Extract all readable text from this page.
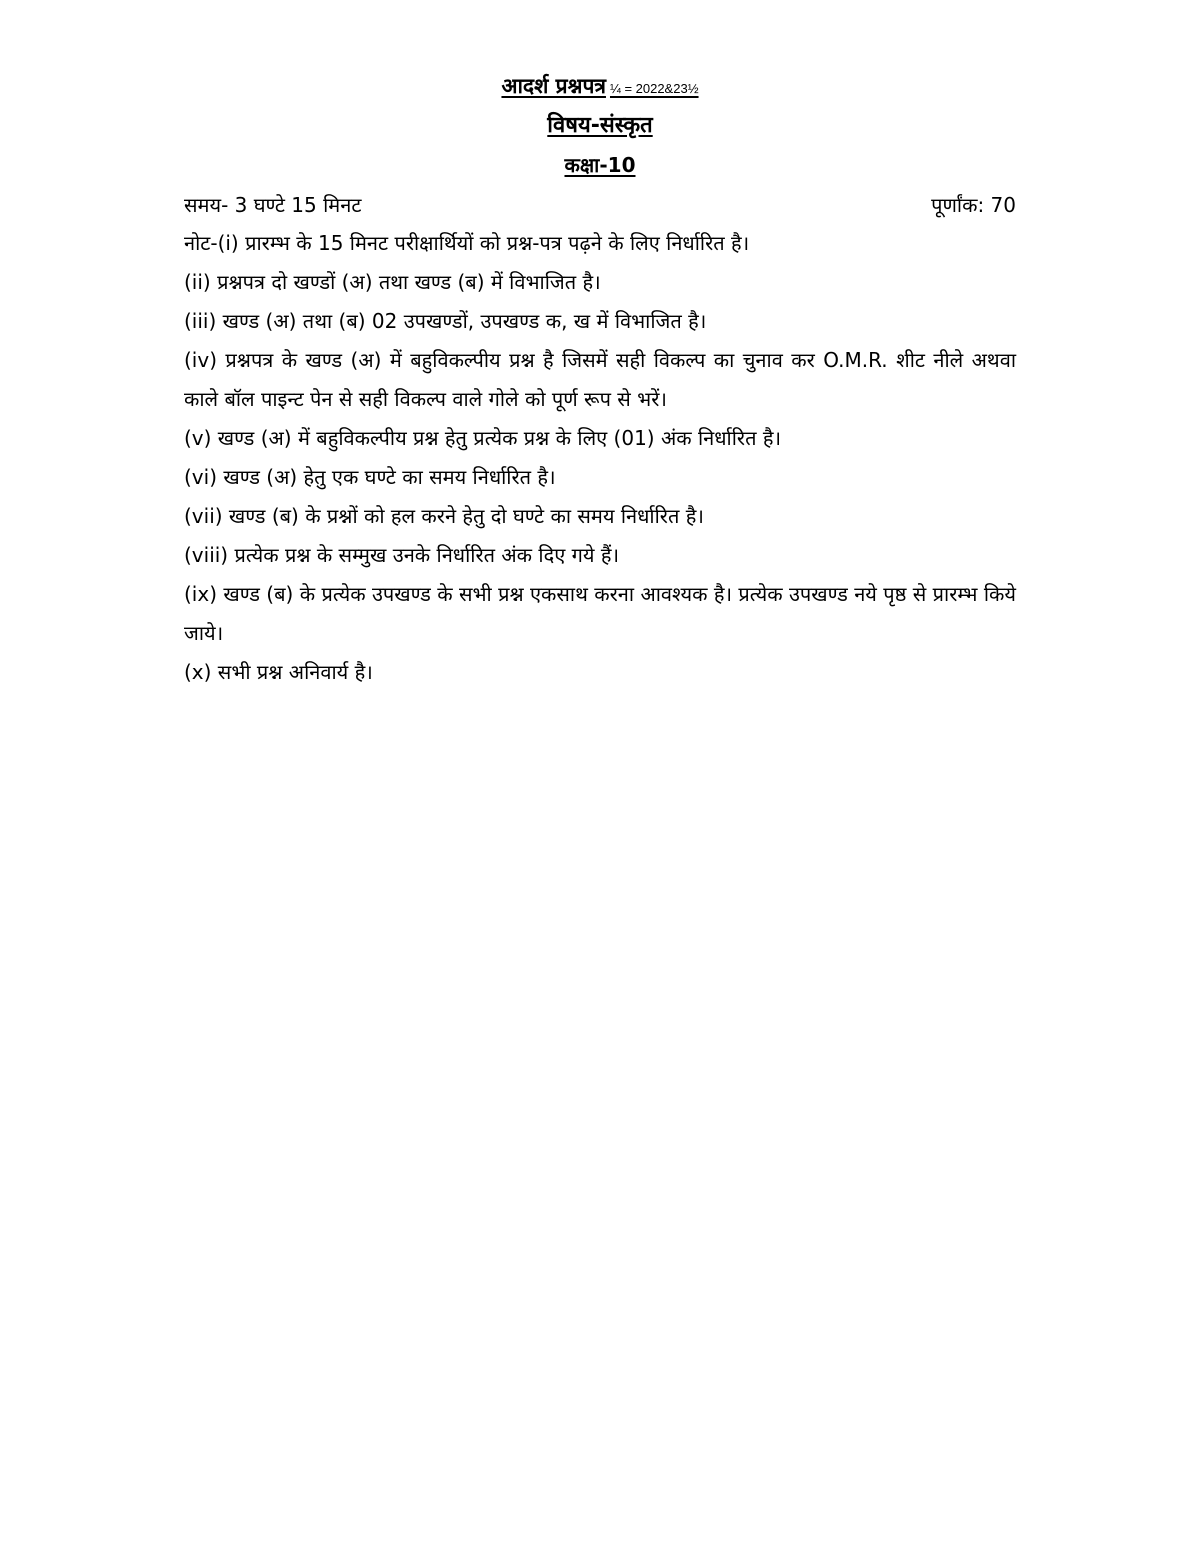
आदर्श प्रश्नपत्र ¼ = 2022&23½
विषय-संस्कृत
कक्षा-10
समय- 3 घण्टे 15 मिनट	पूर्णांक: 70
नोट-(i) प्रारम्भ के 15 मिनट परीक्षार्थियों को प्रश्न-पत्र पढ़ने के लिए निर्धारित है।
(ii) प्रश्नपत्र दो खण्डों (अ) तथा खण्ड (ब) में विभाजित है।
(iii) खण्ड (अ) तथा (ब) 02 उपखण्डों, उपखण्ड क, ख में विभाजित है।
(iv) प्रश्नपत्र के खण्ड (अ) में बहुविकल्पीय प्रश्न है जिसमें सही विकल्प का चुनाव कर O.M.R. शीट नीले अथवा काले बॉल पाइन्ट पेन से सही विकल्प वाले गोले को पूर्ण रूप से भरें।
(v) खण्ड (अ) में बहुविकल्पीय प्रश्न हेतु प्रत्येक प्रश्न के लिए (01) अंक निर्धारित है।
(vi) खण्ड (अ) हेतु एक घण्टे का समय निर्धारित है।
(vii) खण्ड (ब) के प्रश्नों को हल करने हेतु दो घण्टे का समय निर्धारित है।
(viii) प्रत्येक प्रश्न के सम्मुख उनके निर्धारित अंक दिए गये हैं।
(ix) खण्ड (ब) के प्रत्येक उपखण्ड के सभी प्रश्न एकसाथ करना आवश्यक है। प्रत्येक उपखण्ड नये पृष्ठ से प्रारम्भ किये जाये।
(x) सभी प्रश्न अनिवार्य है।
